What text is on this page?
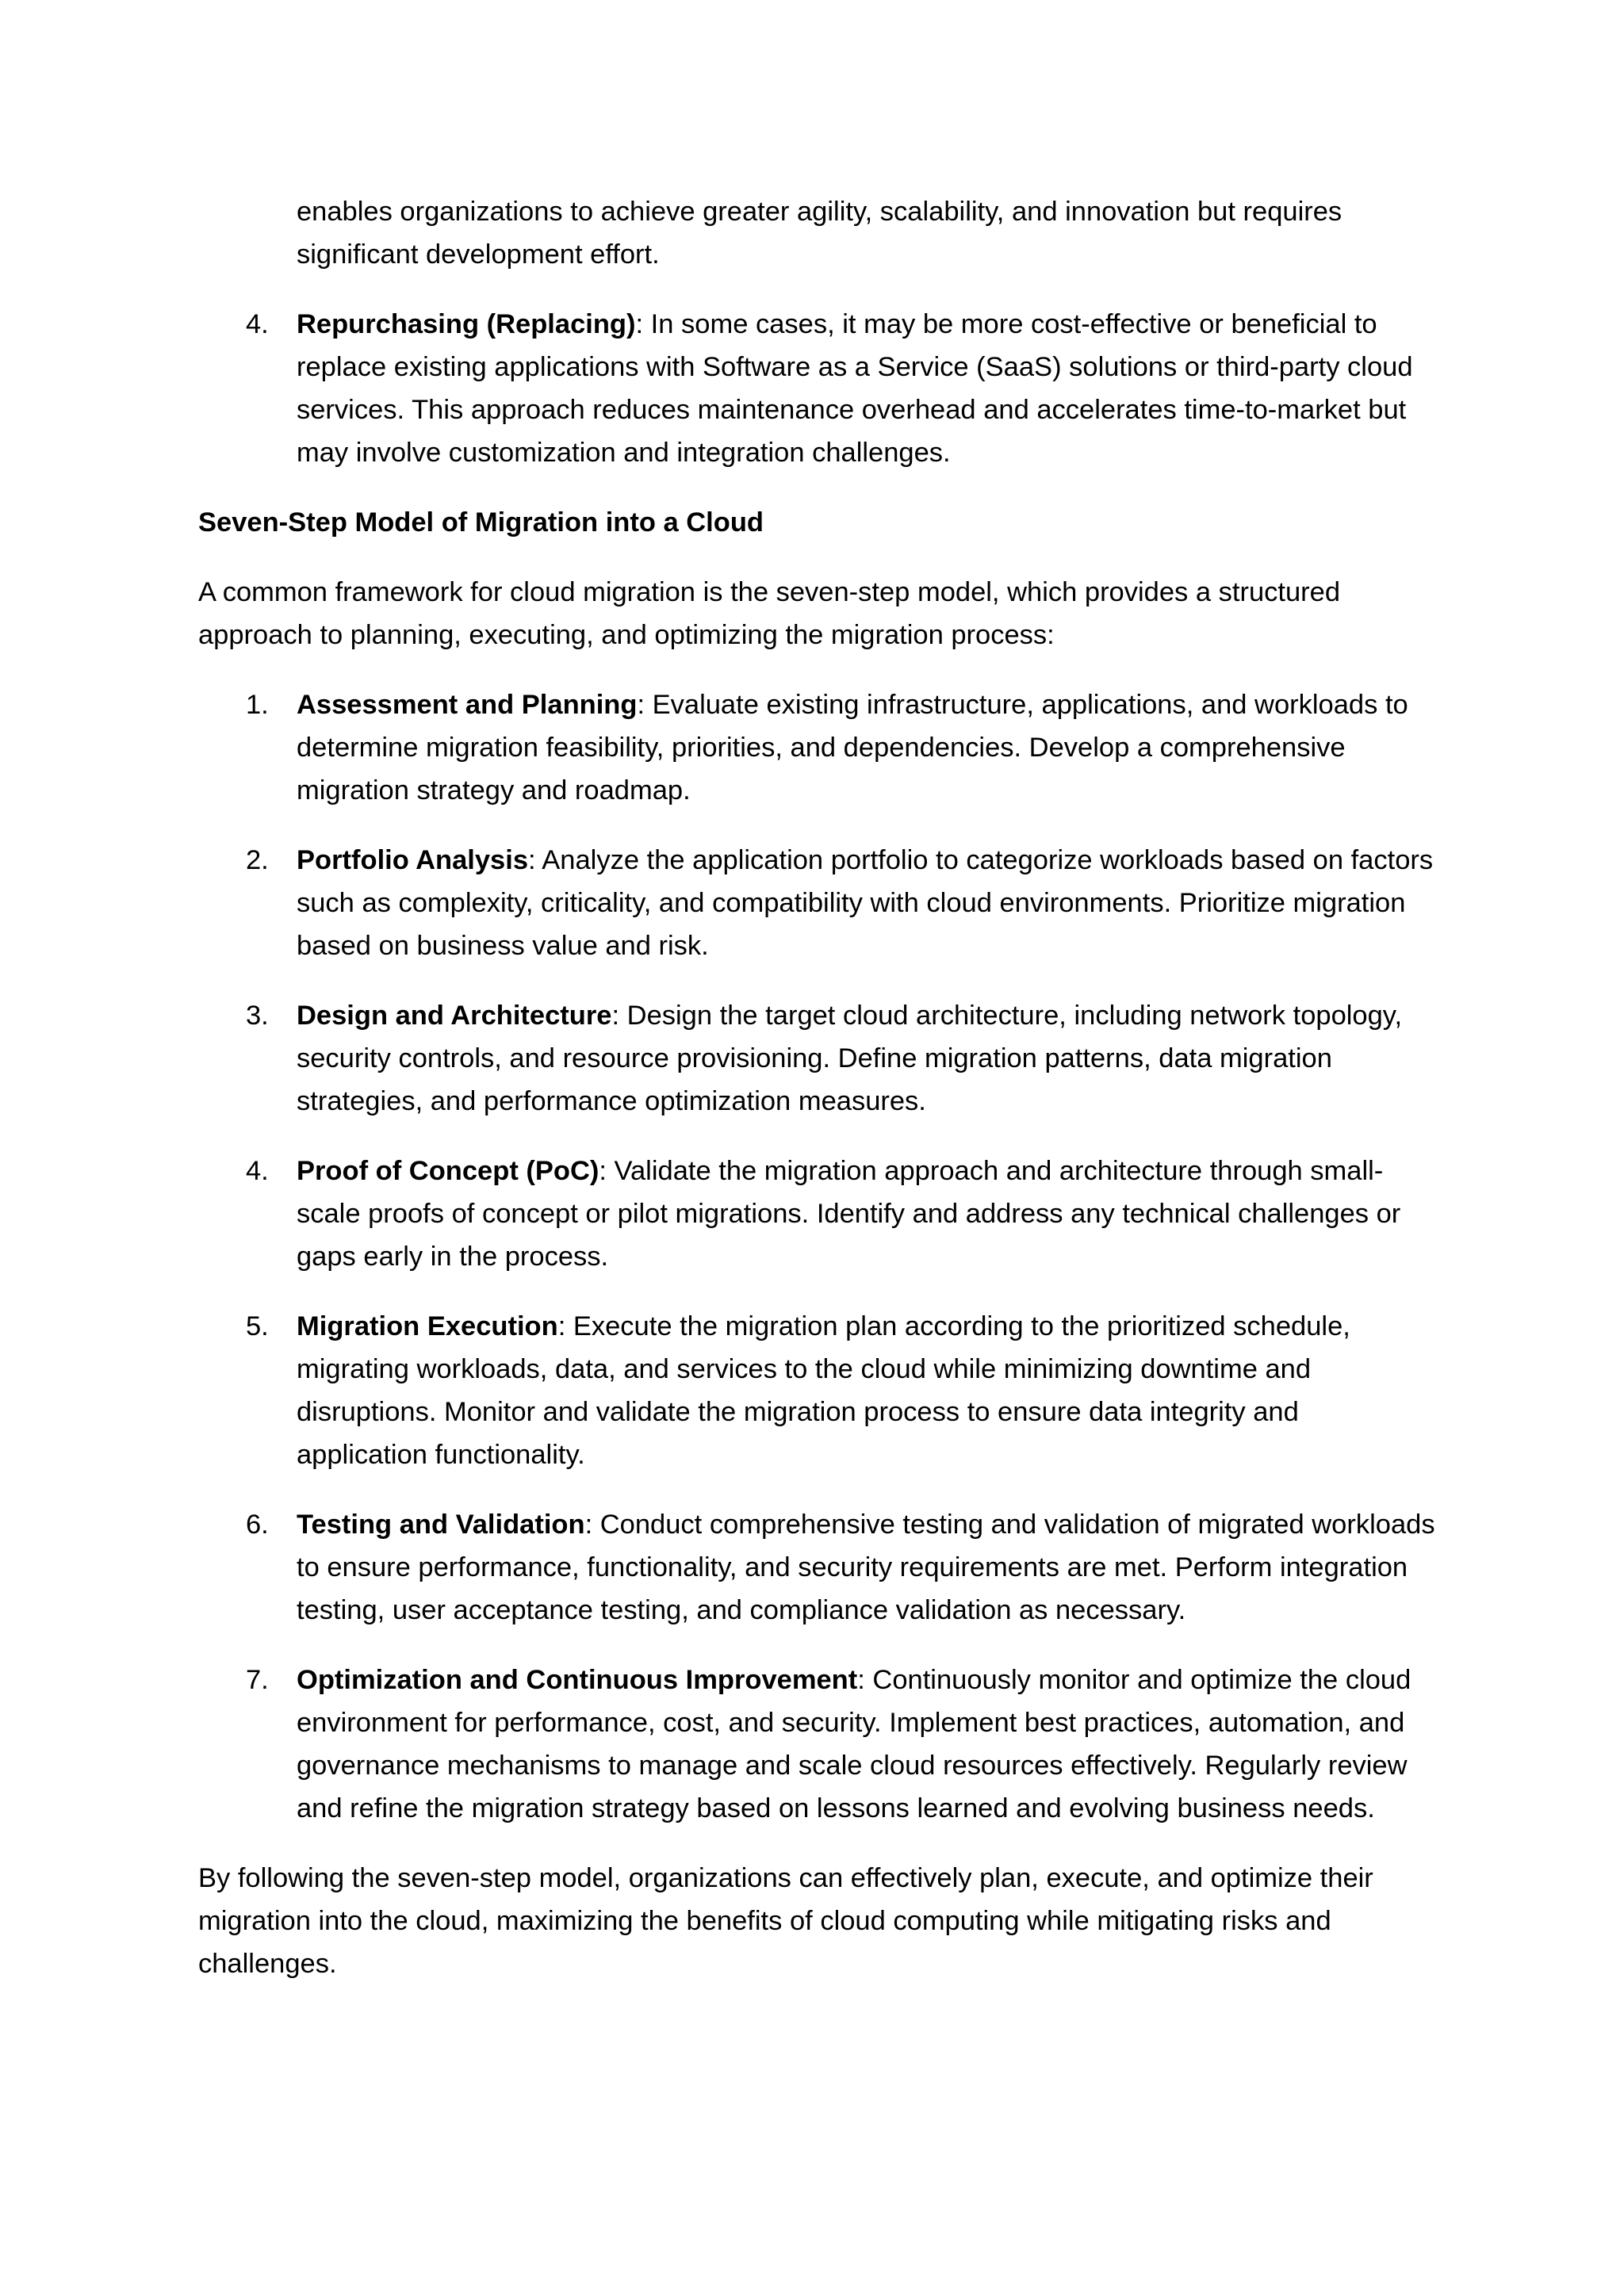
enables organizations to achieve greater agility, scalability, and innovation but requires significant development effort.

4. Repurchasing (Replacing): In some cases, it may be more cost-effective or beneficial to replace existing applications with Software as a Service (SaaS) solutions or third-party cloud services. This approach reduces maintenance overhead and accelerates time-to-market but may involve customization and integration challenges.

Seven-Step Model of Migration into a Cloud

A common framework for cloud migration is the seven-step model, which provides a structured approach to planning, executing, and optimizing the migration process:

1. Assessment and Planning: Evaluate existing infrastructure, applications, and workloads to determine migration feasibility, priorities, and dependencies. Develop a comprehensive migration strategy and roadmap.
2. Portfolio Analysis: Analyze the application portfolio to categorize workloads based on factors such as complexity, criticality, and compatibility with cloud environments. Prioritize migration based on business value and risk.
3. Design and Architecture: Design the target cloud architecture, including network topology, security controls, and resource provisioning. Define migration patterns, data migration strategies, and performance optimization measures.
4. Proof of Concept (PoC): Validate the migration approach and architecture through small-scale proofs of concept or pilot migrations. Identify and address any technical challenges or gaps early in the process.
5. Migration Execution: Execute the migration plan according to the prioritized schedule, migrating workloads, data, and services to the cloud while minimizing downtime and disruptions. Monitor and validate the migration process to ensure data integrity and application functionality.
6. Testing and Validation: Conduct comprehensive testing and validation of migrated workloads to ensure performance, functionality, and security requirements are met. Perform integration testing, user acceptance testing, and compliance validation as necessary.
7. Optimization and Continuous Improvement: Continuously monitor and optimize the cloud environment for performance, cost, and security. Implement best practices, automation, and governance mechanisms to manage and scale cloud resources effectively. Regularly review and refine the migration strategy based on lessons learned and evolving business needs.

By following the seven-step model, organizations can effectively plan, execute, and optimize their migration into the cloud, maximizing the benefits of cloud computing while mitigating risks and challenges.
